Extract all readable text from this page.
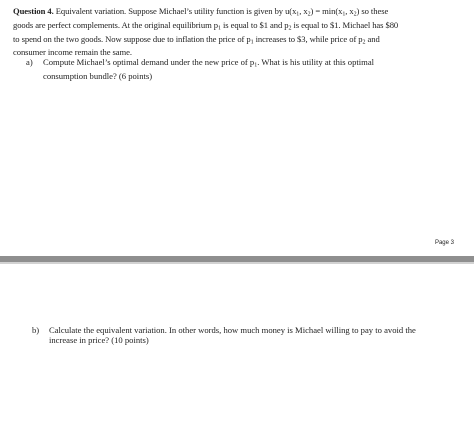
Question 4. Equivalent variation. Suppose Michael’s utility function is given by $u(x_1$, $x_2) = \min(x_1$, $x_2$) so these
goods are perfect complements. At the original equilibrium $p_1$ is equal to $1 and $p_2$ is equal to $1. Michael has $80
to spend on the two goods. Now suppose due to inflation the price of $p_1$ increases to $3, while price of $p_2$ and
consumer income remain the same.
a) Compute Michael’s optimal demand under the new price of $p_1$. What is his utility at this optimal
consumption bundle? (6 points)
Page 3
b) Calculate the equivalent variation. In other words, how much money is Michael willing to pay to avoid the
increase in price? (10 points)
